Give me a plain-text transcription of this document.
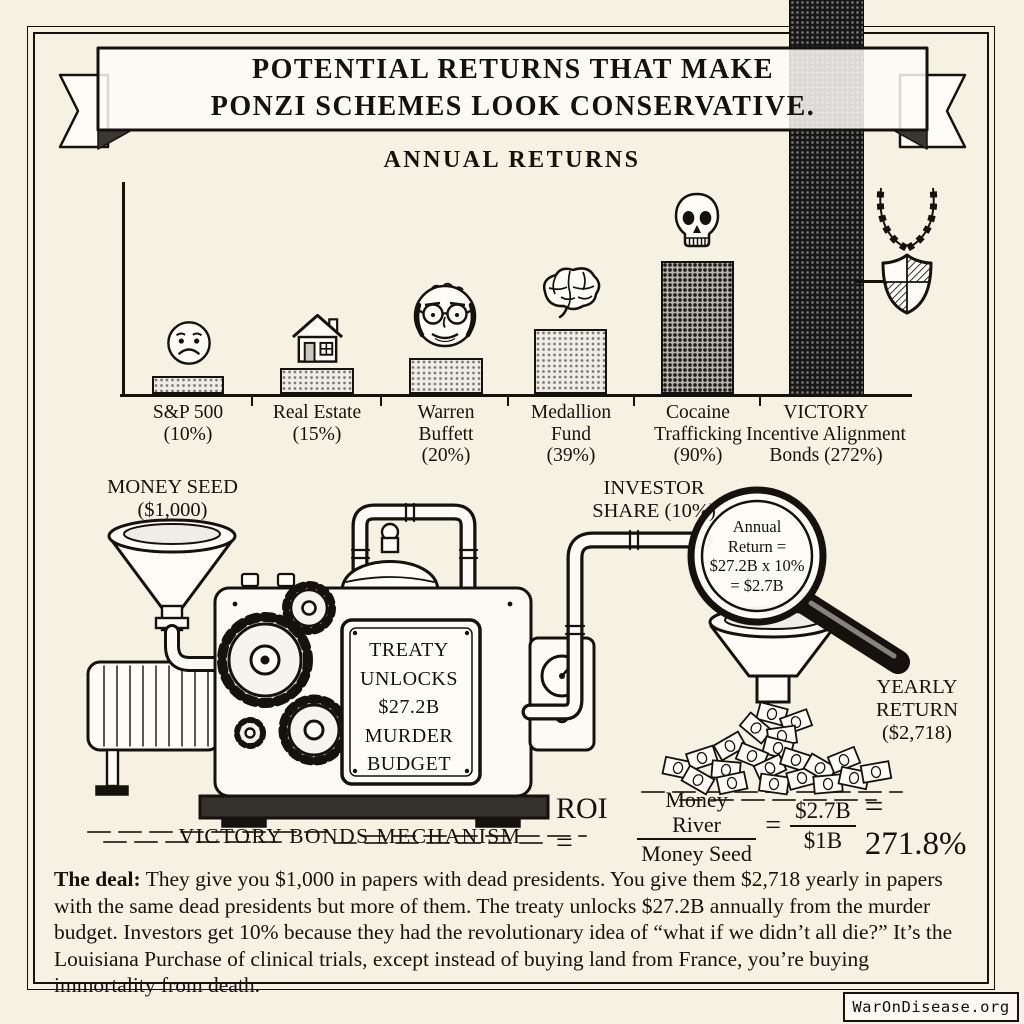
ANNUAL RETURNS
S&P 500
(10%)
Real Estate
(15%)
Warren
Buffett
(20%)
Medallion
Fund
(39%)
Cocaine
Trafficking
(90%)
VICTORY
Incentive Alignment
Bonds (272%)
MONEY SEED
($1,000)
INVESTOR
SHARE (10%)
TREATY
UNLOCKS
$27.2B
MURDER
BUDGET
Annual
Return =
$27.2B x 10%
= $2.7B
YEARLY
RETURN
($2,718)
VICTORY BONDS MECHANISM
ROI =	$\frac{\text{Money River}}{\text{Money Seed}} = \frac{\$2.7B}{\$1B} = 271.8\%$
POTENTIAL RETURNS THAT MAKE
PONZI SCHEMES LOOK CONSERVATIVE.
The deal: They give you $1,000 in papers with dead presidents. You give them $2,718 yearly in papers with the same dead presidents but more of them. The treaty unlocks $27.2B annually from the murder budget. Investors get 10% because they had the revolutionary idea of “what if we didn’t all die?” It’s the Louisiana Purchase of clinical trials, except instead of buying land from France, you’re buying immortality from death.
WarOnDisease.org
